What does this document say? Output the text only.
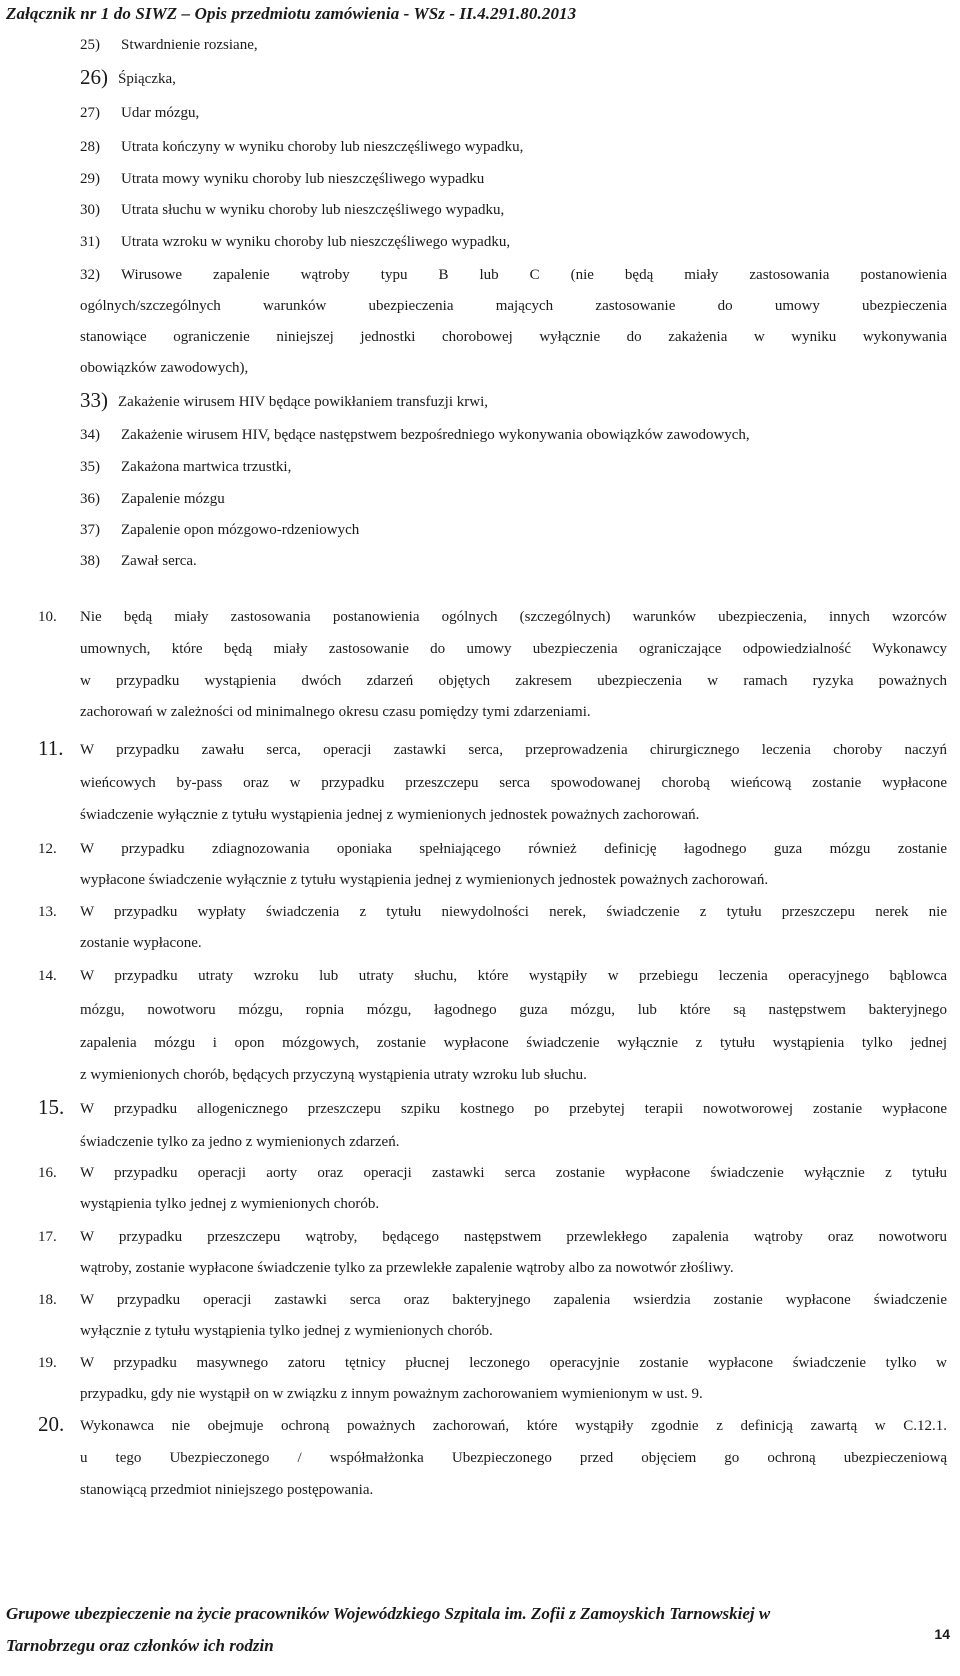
Załącznik nr 1 do SIWZ – Opis przedmiotu zamówienia - WSz - II.4.291.80.2013
25) Stwardnienie rozsiane,
26) Śpiączka,
27) Udar mózgu,
28) Utrata kończyny w wyniku choroby lub nieszczęśliwego wypadku,
29) Utrata mowy wyniku choroby lub nieszczęśliwego wypadku
30) Utrata słuchu w wyniku choroby lub nieszczęśliwego wypadku,
31) Utrata wzroku w wyniku choroby lub nieszczęśliwego wypadku,
32) Wirusowe zapalenie wątroby typu B lub C (nie będą miały zastosowania postanowienia
ogólnych/szczególnych warunków ubezpieczenia mających zastosowanie do umowy ubezpieczenia
stanowiące ograniczenie niniejszej jednostki chorobowej wyłącznie do zakażenia w wyniku wykonywania
obowiązków zawodowych),
33) Zakażenie wirusem HIV będące powikłaniem transfuzji krwi,
34) Zakażenie wirusem HIV, będące następstwem bezpośredniego wykonywania obowiązków zawodowych,
35) Zakażona martwica trzustki,
36) Zapalenie mózgu
37) Zapalenie opon mózgowo-rdzeniowych
38) Zawał serca.
10. Nie będą miały zastosowania postanowienia ogólnych (szczególnych) warunków ubezpieczenia, innych wzorców
umownych, które będą miały zastosowanie do umowy ubezpieczenia ograniczające odpowiedzialność Wykonawcy
w przypadku wystąpienia dwóch zdarzeń objętych zakresem ubezpieczenia w ramach ryzyka poważnych
zachorowań w zależności od minimalnego okresu czasu pomiędzy tymi zdarzeniami.
11. W przypadku zawału serca, operacji zastawki serca, przeprowadzenia chirurgicznego leczenia choroby naczyń
wieńcowych by-pass oraz w przypadku przeszczepu serca spowodowanej chorobą wieńcową zostanie wypłacone
świadczenie wyłącznie z tytułu wystąpienia jednej z wymienionych jednostek poważnych zachorowań.
12. W przypadku zdiagnozowania oponiaka spełniającego również definicję łagodnego guza mózgu zostanie
wypłacone świadczenie wyłącznie z tytułu wystąpienia jednej z wymienionych jednostek poważnych zachorowań.
13. W przypadku wypłaty świadczenia z tytułu niewydolności nerek, świadczenie z tytułu przeszczepu nerek nie
zostanie wypłacone.
14. W przypadku utraty wzroku lub utraty słuchu, które wystąpiły w przebiegu leczenia operacyjnego bąblowca
mózgu, nowotworu mózgu, ropnia mózgu, łagodnego guza mózgu, lub które są następstwem bakteryjnego
zapalenia mózgu i opon mózgowych, zostanie wypłacone świadczenie wyłącznie z tytułu wystąpienia tylko jednej
z wymienionych chorób, będących przyczyną wystąpienia utraty wzroku lub słuchu.
15. W przypadku allogenicznego przeszczepu szpiku kostnego po przebytej terapii nowotworowej zostanie wypłacone
świadczenie tylko za jedno z wymienionych zdarzeń.
16. W przypadku operacji aorty oraz operacji zastawki serca zostanie wypłacone świadczenie wyłącznie z tytułu
wystąpienia tylko jednej z wymienionych chorób.
17. W przypadku przeszczepu wątroby, będącego następstwem przewlekłego zapalenia wątroby oraz nowotworu
wątroby, zostanie wypłacone świadczenie tylko za przewlekłe zapalenie wątroby albo za nowotwór złośliwy.
18. W przypadku operacji zastawki serca oraz bakteryjnego zapalenia wsierdzia zostanie wypłacone świadczenie
wyłącznie z tytułu wystąpienia tylko jednej z wymienionych chorób.
19. W przypadku masywnego zatoru tętnicy płucnej leczonego operacyjnie zostanie wypłacone świadczenie tylko w
przypadku, gdy nie wystąpił on w związku z innym poważnym zachorowaniem wymienionym w ust. 9.
20. Wykonawca nie obejmuje ochroną poważnych zachorowań, które wystąpiły zgodnie z definicją zawartą w C.12.1.
u tego Ubezpieczonego / współmałżonka Ubezpieczonego przed objęciem go ochroną ubezpieczeniową
stanowiącą przedmiot niniejszego postępowania.
Grupowe ubezpieczenie na życie pracowników Wojewódzkiego Szpitala im. Zofii z Zamoyskich Tarnowskiej w
Tarnobrzegu oraz członków ich rodzin
14
